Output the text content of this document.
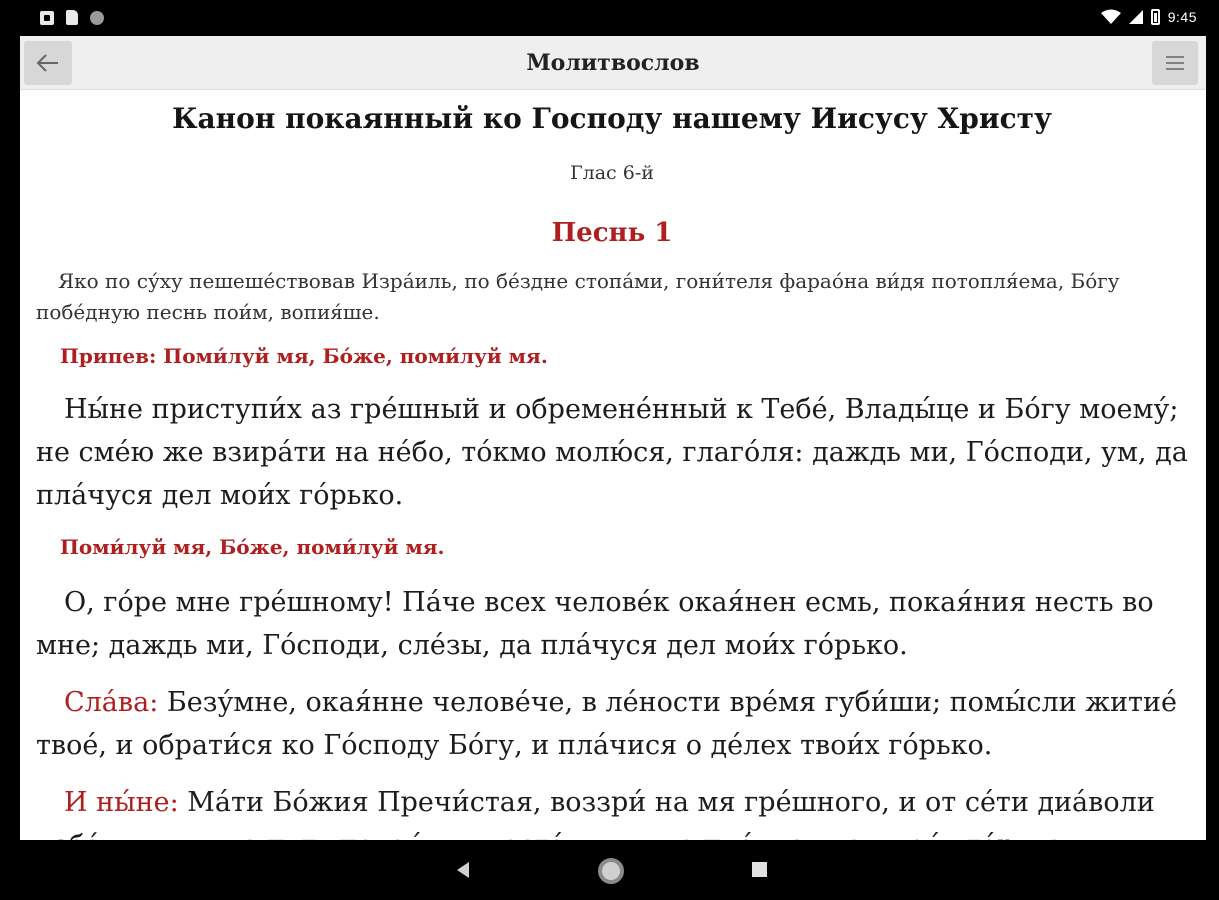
9:45
Молитвослов
Канон покаянный ко Господу нашему Иисусу Христу
Глас 6-й
Песнь 1

Яко по су́ху пешеше́ствовав Изра́иль, по бе́здне стопа́ми, гони́теля фарао́на ви́дя потопля́ема, Бо́гу побе́дную песнь пои́м, вопия́ше.

Припев: Поми́луй мя, Бо́же, поми́луй мя.

Ны́не приступи́х аз гре́шный и обремене́нный к Тебе́, Влады́це и Бо́гу моему́; не сме́ю же взира́ти на не́бо, то́кмо молю́ся, глаго́ля: даждь ми, Го́споди, ум, да пла́чуся дел мои́х го́рько.

Поми́луй мя, Бо́же, поми́луй мя.

О, го́ре мне гре́шному! Па́че всех челове́к окая́нен есмь, покая́ния несть во мне; даждь ми, Го́споди, сле́зы, да пла́чуся дел мои́х го́рько.

Сла́ва: Безу́мне, окая́нне челове́че, в ле́ности вре́мя губи́ши; помы́сли житие́ твое́, и обрати́ся ко Го́споду Бо́гу, и пла́чися о де́лех твои́х го́рько.

И ны́не: Ма́ти Бо́жия Пречи́стая, воззри́ на мя гре́шного, и от се́ти диа́воли
